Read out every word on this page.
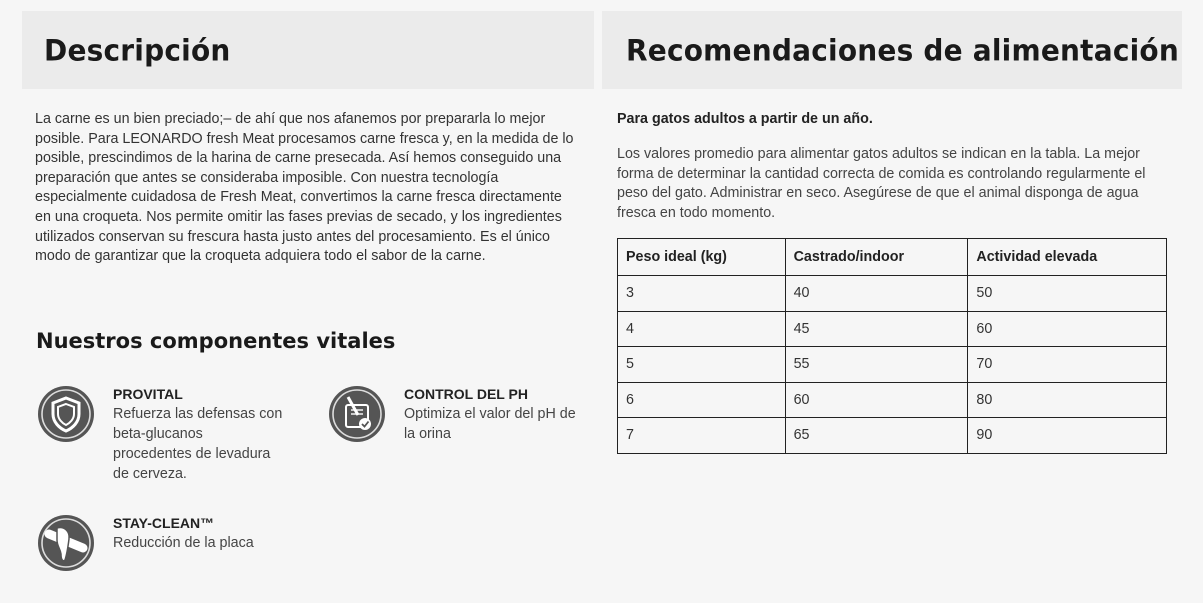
Descripción

La carne es un bien preciado;– de ahí que nos afanemos por prepararla lo mejor posible. Para LEONARDO fresh Meat procesamos carne fresca y, en la medida de lo posible, prescindimos de la harina de carne presecada. Así hemos conseguido una preparación que antes se consideraba imposible. Con nuestra tecnología especialmente cuidadosa de Fresh Meat, convertimos la carne fresca directamente en una croqueta. Nos permite omitir las fases previas de secado, y los ingredientes utilizados conservan su frescura hasta justo antes del procesamiento. Es el único modo de garantizar que la croqueta adquiera todo el sabor de la carne.

Nuestros componentes vitales
PROVITAL
Refuerza las defensas con beta-glucanos procedentes de levadura de cerveza.
CONTROL DEL PH
Optimiza el valor del pH de la orina
STAY-CLEAN™
Reducción de la placa
Recomendaciones de alimentación
Para gatos adultos a partir de un año.

Los valores promedio para alimentar gatos adultos se indican en la tabla. La mejor forma de determinar la cantidad correcta de comida es controlando regularmente el peso del gato. Administrar en seco. Asegúrese de que el animal disponga de agua fresca en todo momento.

Peso ideal (kg)	Castrado/indoor	Actividad elevada
3	40	50
4	45	60
5	55	70
6	60	80
7	65	90
